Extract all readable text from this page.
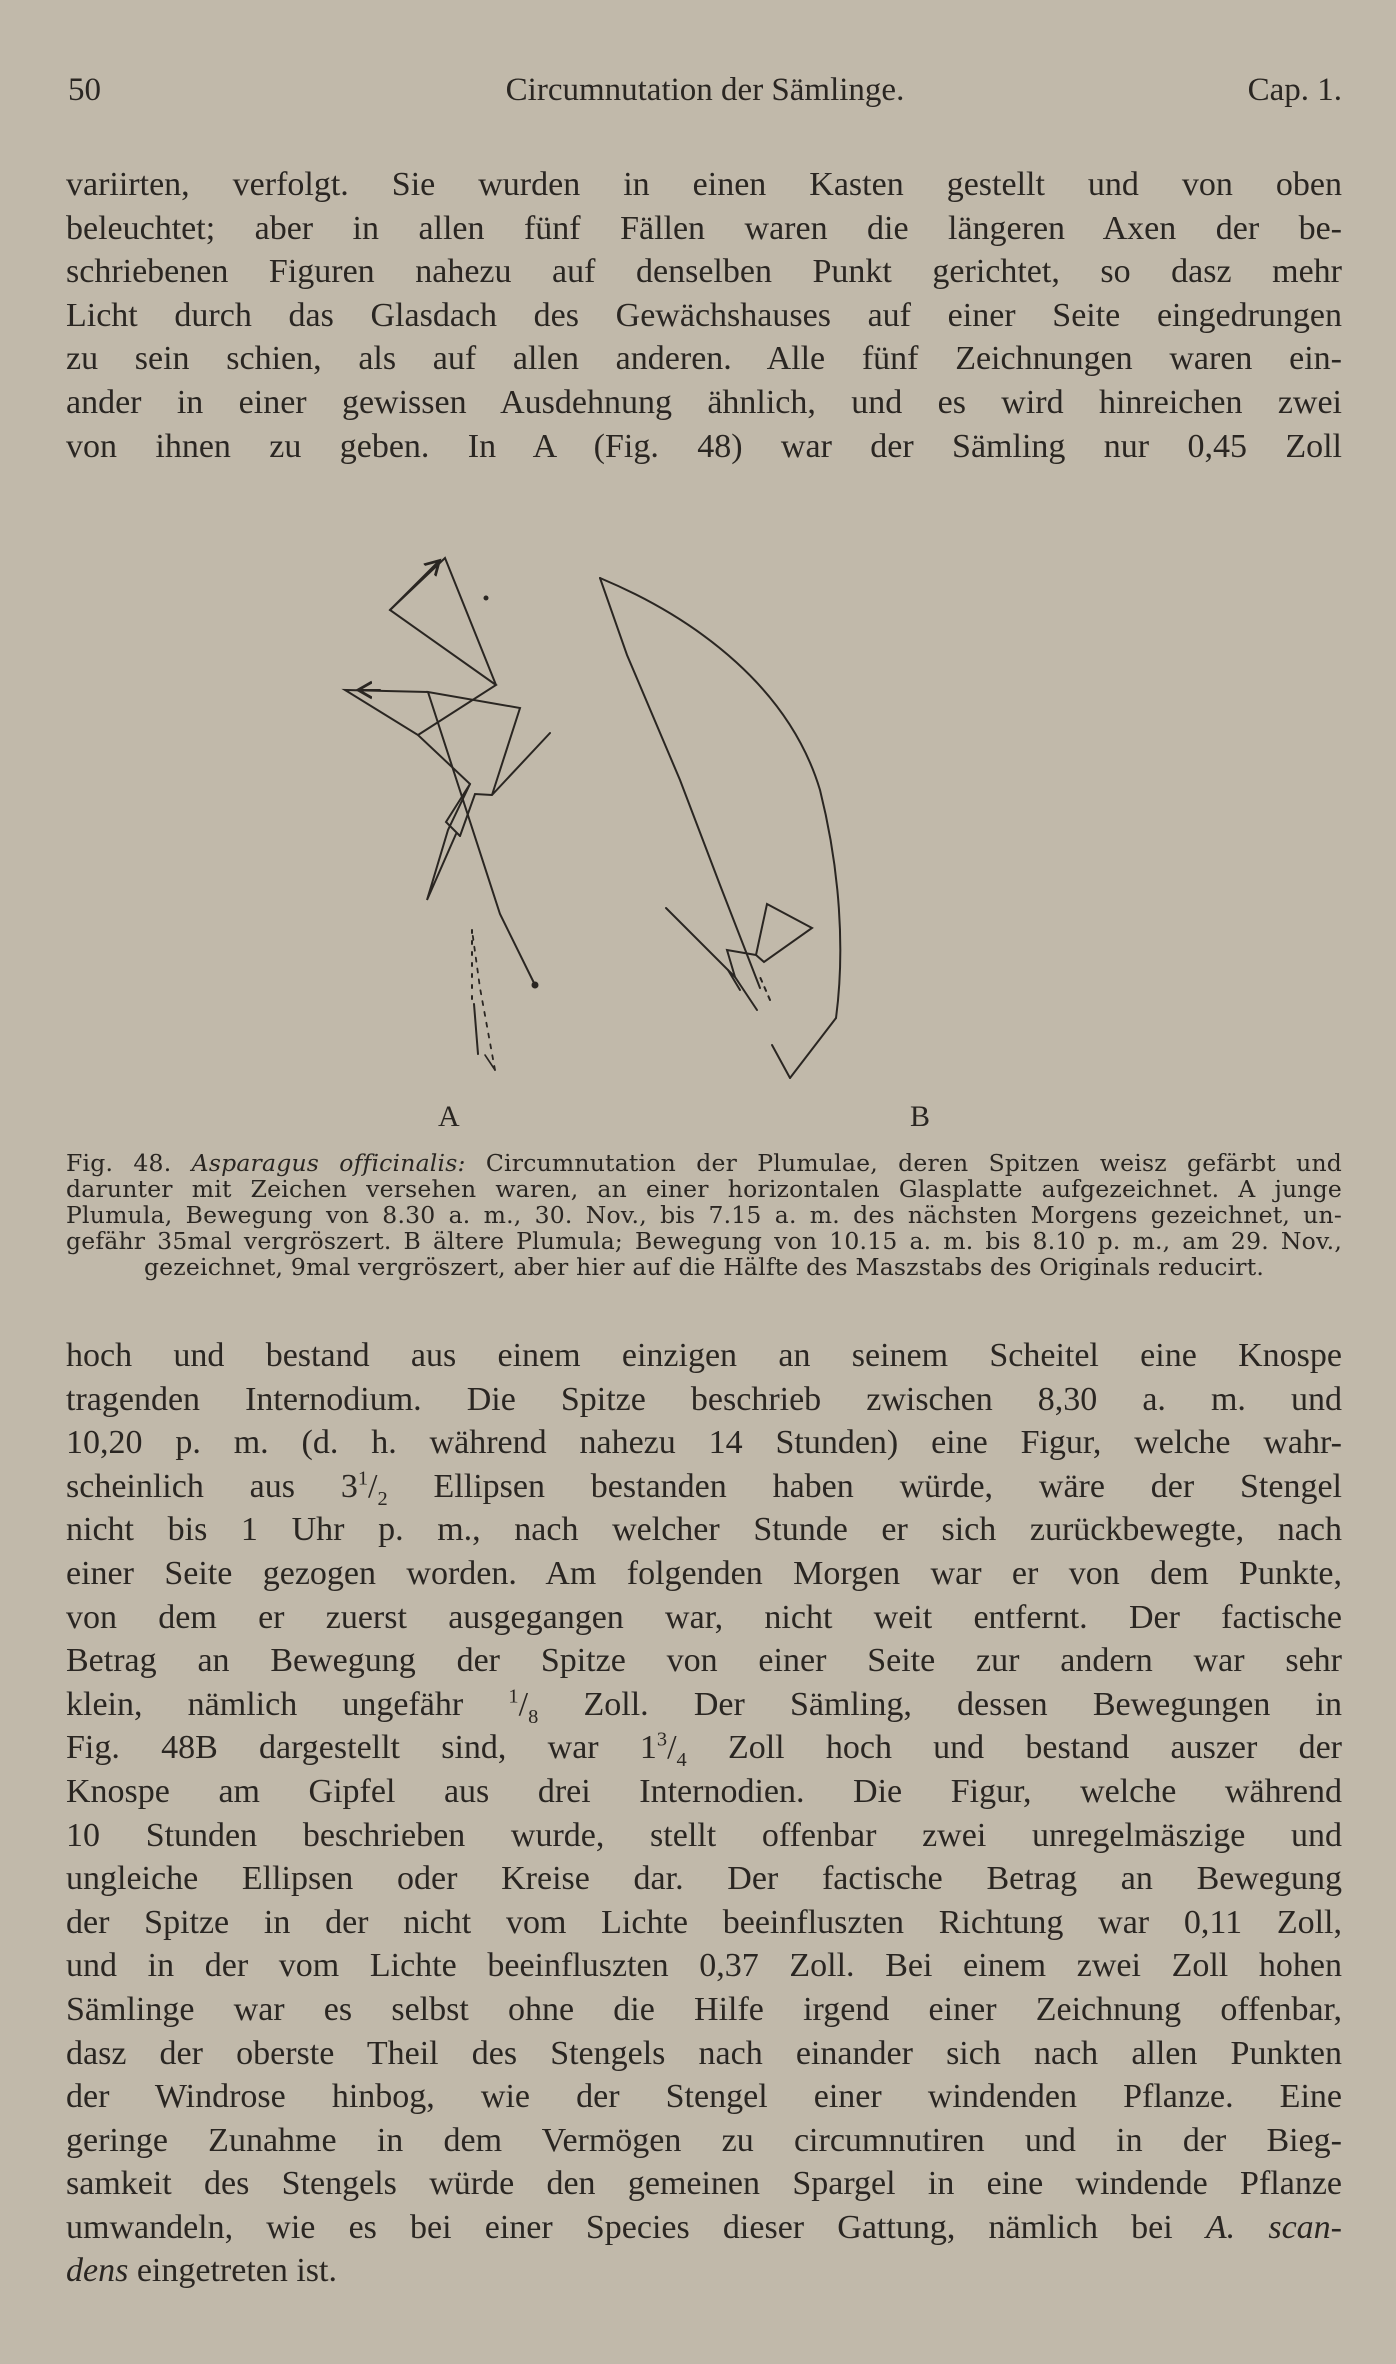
50	Circumnutation der Sämlinge.	Cap. 1.
variirten, verfolgt. Sie wurden in einen Kasten gestellt und von oben
beleuchtet; aber in allen fünf Fällen waren die längeren Axen der be-
schriebenen Figuren nahezu auf denselben Punkt gerichtet, so dasz mehr
Licht durch das Glasdach des Gewächshauses auf einer Seite eingedrungen
zu sein schien, als auf allen anderen. Alle fünf Zeichnungen waren ein-
ander in einer gewissen Ausdehnung ähnlich, und es wird hinreichen zwei
von ihnen zu geben. In A (Fig. 48) war der Sämling nur 0,45 Zoll
A	B
Fig. 48. Asparagus officinalis: Circumnutation der Plumulae, deren Spitzen weisz gefärbt und
darunter mit Zeichen versehen waren, an einer horizontalen Glasplatte aufgezeichnet. A junge
Plumula, Bewegung von 8.30 a. m., 30. Nov., bis 7.15 a. m. des nächsten Morgens gezeichnet, un-
gefähr 35mal vergröszert. B ältere Plumula; Bewegung von 10.15 a. m. bis 8.10 p. m., am 29. Nov.,
gezeichnet, 9mal vergröszert, aber hier auf die Hälfte des Maszstabs des Originals reducirt.
hoch und bestand aus einem einzigen an seinem Scheitel eine Knospe
tragenden Internodium. Die Spitze beschrieb zwischen 8,30 a. m. und
10,20 p. m. (d. h. während nahezu 14 Stunden) eine Figur, welche wahr-
scheinlich aus $3^1/_2$ Ellipsen bestanden haben würde, wäre der Stengel
nicht bis 1 Uhr p. m., nach welcher Stunde er sich zurückbewegte, nach
einer Seite gezogen worden. Am folgenden Morgen war er von dem Punkte,
von dem er zuerst ausgegangen war, nicht weit entfernt. Der factische
Betrag an Bewegung der Spitze von einer Seite zur andern war sehr
klein, nämlich ungefähr $^1/_8$ Zoll. Der Sämling, dessen Bewegungen in
Fig. 48B dargestellt sind, war $1^3/_4$ Zoll hoch und bestand auszer der
Knospe am Gipfel aus drei Internodien. Die Figur, welche während
10 Stunden beschrieben wurde, stellt offenbar zwei unregelmäszige und
ungleiche Ellipsen oder Kreise dar. Der factische Betrag an Bewegung
der Spitze in der nicht vom Lichte beeinfluszten Richtung war 0,11 Zoll,
und in der vom Lichte beeinfluszten 0,37 Zoll. Bei einem zwei Zoll hohen
Sämlinge war es selbst ohne die Hilfe irgend einer Zeichnung offenbar,
dasz der oberste Theil des Stengels nach einander sich nach allen Punkten
der Windrose hinbog, wie der Stengel einer windenden Pflanze. Eine
geringe Zunahme in dem Vermögen zu circumnutiren und in der Bieg-
samkeit des Stengels würde den gemeinen Spargel in eine windende Pflanze
umwandeln, wie es bei einer Species dieser Gattung, nämlich bei A. scan-
dens eingetreten ist.
